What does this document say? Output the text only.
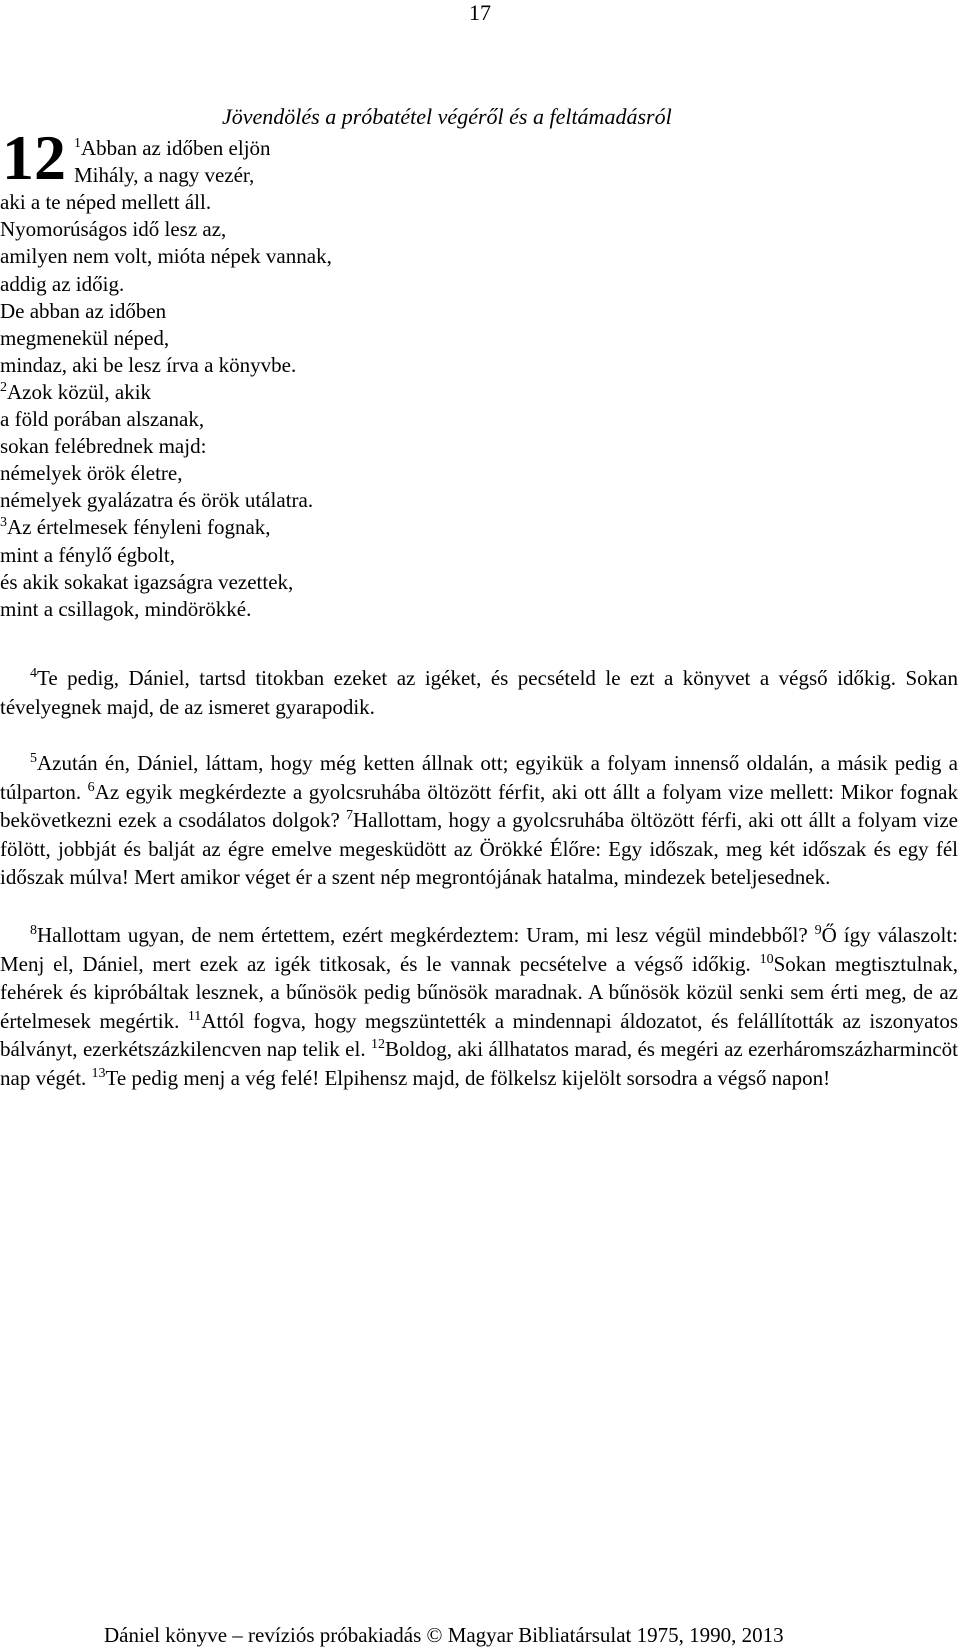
17
Jövendölés a próbatétel végéről és a feltámadásról
12 $^1$Abban az időben eljön
Mihály, a nagy vezér,
aki a te néped mellett áll.
Nyomorúságos idő lesz az,
amilyen nem volt, mióta népek vannak,
addig az időig.
De abban az időben
megmenekül néped,
mindaz, aki be lesz írva a könyvbe.
$^2$Azok közül, akik
a föld porában alszanak,
sokan felébrednek majd:
némelyek örök életre,
némelyek gyalázatra és örök utálatra.
$^3$Az értelmesek fényleni fognak,
mint a fénylő égbolt,
és akik sokakat igazságra vezettek,
mint a csillagok, mindörökké.

$^4$Te pedig, Dániel, tartsd titokban ezeket az igéket, és pecsételd le ezt a könyvet a végső időkig. Sokan tévelyegnek majd, de az ismeret gyarapodik.

$^5$Azután én, Dániel, láttam, hogy még ketten állnak ott; egyikük a folyam innenső oldalán, a másik pedig a túlparton. $^6$Az egyik megkérdezte a gyolcsruhába öltözött férfit, aki ott állt a folyam vize mellett: Mikor fognak bekövetkezni ezek a csodálatos dolgok? $^7$Hallottam, hogy a gyolcsruhába öltözött férfi, aki ott állt a folyam vize fölött, jobbját és balját az égre emelve megesküdött az Örökké Élőre: Egy időszak, meg két időszak és egy fél időszak múlva! Mert amikor véget ér a szent nép megrontójának hatalma, mindezek beteljesednek.

$^8$Hallottam ugyan, de nem értettem, ezért megkérdeztem: Uram, mi lesz végül mindebből? $^9$Ő így válaszolt: Menj el, Dániel, mert ezek az igék titkosak, és le vannak pecsételve a végső időkig. $^{10}$Sokan megtisztulnak, fehérek és kipróbáltak lesznek, a bűnösök pedig bűnösök maradnak. A bűnösök közül senki sem érti meg, de az értelmesek megértik. $^{11}$Attól fogva, hogy megszüntették a mindennapi áldozatot, és felállították az iszonyatos bálványt, ezerkétszázkilencven nap telik el. $^{12}$Boldog, aki állhatatos marad, és megéri az ezerháromszázharmincöt nap végét. $^{13}$Te pedig menj a vég felé! Elpihensz majd, de fölkelsz kijelölt sorsodra a végső napon!

Dániel könyve – revíziós próbakiadás © Magyar Bibliatársulat 1975, 1990, 2013
